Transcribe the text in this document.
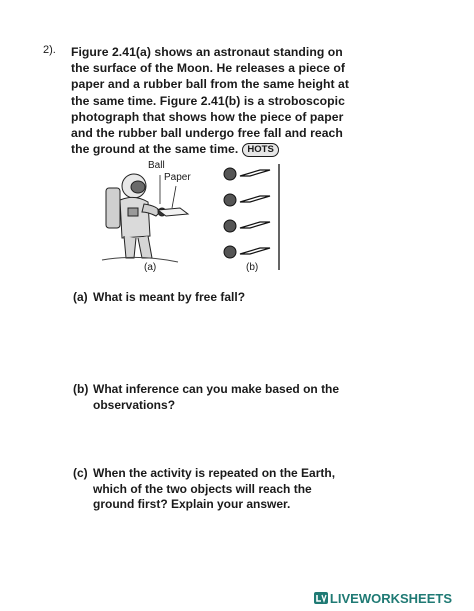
2). Figure 2.41(a) shows an astronaut standing on
the surface of the Moon. He releases a piece of
paper and a rubber ball from the same height at
the same time. Figure 2.41(b) is a stroboscopic
photograph that shows how the piece of paper
and the rubber ball undergo free fall and reach
the ground at the same time. HOTS
Ball
Paper
(a)	(b)
(a) What is meant by free fall?
(b) What inference can you make based on the
observations?
(c) When the activity is repeated on the Earth,
which of the two objects will reach the
ground first? Explain your answer.
LIVEWORKSHEETS
